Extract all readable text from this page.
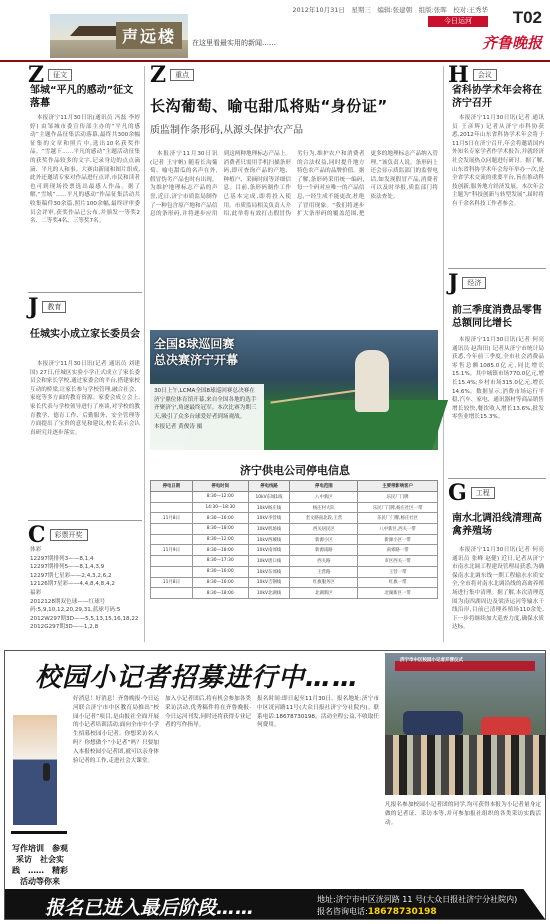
声远楼	在这里看最实用的新闻……
2012年10月31日　星期三　编辑:张建朝　组版:张晖　校对:王秀华
今日运河	T02
齐鲁晚报
Z	征文
邹城“平凡的感动”征文落幕

本报济宁11月30日讯(通讯员 冯磊 李婷婷) 由邹城市委宣传部主办的“平凡的感动”主题作品征集活动落幕,最终共300余幅征集的文章和照片中,选出10名获奖作品。“雪越下……平凡的感动”主题活动征集的获奖作品较多的文字,记录身边的点点滴滴、平凡的人和事。大赛由新闻和图片组成,此外还邀请专家对作品进行点评,市民和读者也可到现场投票选出最感人作品。据了解,“雪域”……平凡的感动”作品征集活动共收集稿件30余篇,照片100余幅,最终评审委员会评审,获奖作品已公布,并颁发一等奖2名、二等奖4名、三等奖7名。

J	教育
任城实小成立家长委员会

本报济宁11月30日讯(记者 通讯员 刘建国) 27日,任城区实验小学正式成立了家长委员会和家长学校,通过家委会的平台,搭建家校互动的桥梁,让家长参与学校管理,融合社会、家庭等多方面的教育资源。家委会成立会上,家长代表与学校领导进行了座谈,对学校的教育教学、德育工作、后勤服务、安全管理等方面提出了宝贵的意见和建议,校长表示会认真研究并逐步落实。

C	彩票开奖
体彩
12297期排列3——8,1,4
12297期排列5——8,1,4,3,9
12297期七星彩——2,4,3,2,6,2
12126期7星彩——4,4,8,4,8,4,2
福彩
2012128期双色球——红球号码:5,9,10,12,20,29,31,蓝球号码:5
2012W297期3D——5,5,13,15,16,18,22
2012G297期3D——1,2,8
Z	重点
长沟葡萄、喻屯甜瓜将贴“身份证”
质监制作条形码,从源头保护农产品

本报济宁11月30日讯(记者 王守帆) 随着长沟葡萄、喻屯甜瓜的名声在外,假冒伪劣产品也时有出现。为维护地理标志产品的声誉,近日,济宁市质监局制作了一种包含原产地和产品信息的条形码,并将逐步应用到这两种地理标志产品上。消费者只需用手机扫描条形码,即可查询产品的产地、种植户、采摘时间等详细信息。目前,条形码制作工作已基本完成,即将投入使用。市质监局相关负责人介绍,此举将有效打击假冒伪劣行为,维护农户和消费者的合法权益,同时提升地方特色农产品的品牌价值。据了解,条形码采用统一编码,每一个码对应唯一的产品信息,一经生成不能更改,杜绝了冒用现象。“我们将逐步扩大条形码的覆盖范围,把更多的地理标志产品纳入管理。”该负责人说。条形码上还会显示质监部门的监督电话,如发现假冒产品,消费者可以及时举报,质监部门将依法查处。

全国8球巡回赛
总决赛济宁开幕
30日上午,LCMA全国8球巡回赛总决赛在济宁鼎位体育馆开幕,来自全国各地的选手齐聚济宁,角逐最终冠军。本次比赛为期三天,吸引了众多台球爱好者到场观战。
本报记者 黄俊涛 摄
济宁供电公司停电信息
停电日期	停电时间	停电线路	停电范围	主要带影响客户
	8:30—12:00	10kV东城1线	八中新区	乐民厂门牌
	14:30—18:30	10kV杨庄线	杨庄村大队	乐民厂门牌,杨庄社区一带
11月8日	8:30—16:00	10kV李营线	奎文路南北段,王营	乐民厂门牌,杨庄社区
	8:30—18:00	10kV机场线	西关居民区	八中新区,西关一带
	8:30—12:00	10kV西城线	新源小区	新源小区一带
11月9日	8:30—18:00	10kV南郊线	新源南路	南郊路一带
	8:30—17:30	10kV唐口线	西关路	市区西关一带
	8:30—16:00	10kV东郊线	王营路	王营一带
11月8日	8:30—16:00	10kV吉钢线	红旗服务区	红旗一带
	8:30—18:00	10kV北湖线	北湖新区	北湖新区一带
H	会议
省科协学术年会将在济宁召开

本报济宁11月30日讯(记者 通讯员 王彦辉) 记者从济宁市科协获悉,2012年山东省科协学术年会将于11月5日在济宁召开,年会将邀请国内外知名专家学者作学术报告,并就经济社会发展热点问题进行研讨。据了解,山东省科协学术年会每年举办一次,是全省学术交流的重要平台,旨在推动科技创新,服务地方经济发展。本次年会主题为“科技创新与转型发展”,届时将有千余名科技工作者参会。

J	经济
前三季度消费品零售总额同比增长

本报济宁11月30日讯(记者 何亮 通讯员 赵海田) 记者从济宁市统计局获悉,今年前三季度,全市社会消费品零售总额1085.0亿元,同比增长15.1%。其中城镇市场770.0亿元,增长15.4%;乡村市场315.0亿元,增长14.6%。数据显示,消费市场运行平稳,汽车、家电、通讯器材等商品销售增长较快,餐饮收入增长13.6%,批发零售业增长15.3%。

G	工程
南水北调沿线清理高禽养殖场

本报济宁11月30日讯(记者 何亮 通讯员 张峰 赵健) 近日,记者从济宁市南水北调工程建设管理局获悉,为确保南水北调东线一期工程输水水质安全,全市将对南水北调沿线的高禽养殖场进行集中清理。据了解,本次清理范围为南四湖周边及梁济运河等输水干线沿岸,目前已清理养殖场110余处,下一步将继续加大巡查力度,确保水质达标。

校园小记者招募进行中……
济宁市中区校园小记者开营仪式
写作培训　参观采访　社会实践　……　精彩活动等你来
好消息！好消息！齐鲁晚报·今日运河联合济宁市中区教育局推出“校园小记者”项目,是由报社全面开展的小记者培训活动,面向全市中小学生招募校园小记者。你想采访名人吗？你想做个“小记者”吗？只要加入本报校园小记者团,就可以亲身体验记者的工作,走进社会大课堂。
加入小记者团后,将有机会参加各类采访活动,优秀稿件将在齐鲁晚报·今日运河刊发,同时还将获得专业记者的写作指导。
报名时间:即日起至11月30日。报名地址:济宁市中区洸河路11号(大众日报社济宁分社院内)。联系电话:18678730198。活动全程公益,不收取任何费用。
凡报名参加校园小记者团的同学,均可获得本报为小记者量身定做的记者证、采访本等,并可参加报社组织的各类采访实践活动。
报名已进入最后阶段……	地址:济宁市中区洸河路 11 号(大众日报社济宁分社院内)
报名咨询电话:18678730198
